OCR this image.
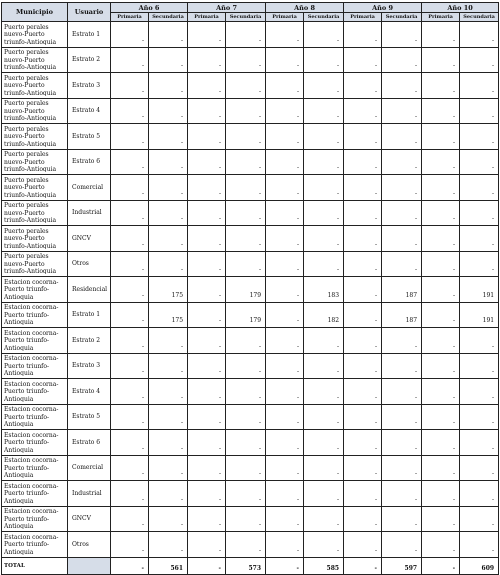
Municipio	Usuario	Año 6		Año 7		Año 8		Año 9		Año 10	
		Primaria	Secundaria	Primaria	Secundaria	Primaria	Secundaria	Primaria	Secundaria	Primaria	Secundaria

Puerto perales nuevo-Puerto triunfo-Antioquia	Estrato 1	-	-	-	-	-	-	-	-	-	-

Puerto perales nuevo-Puerto triunfo-Antioquia	Estrato 2	-	-	-	-	-	-	-	-	-	-

Puerto perales nuevo-Puerto triunfo-Antioquia	Estrato 3	-	-	-	-	-	-	-	-	-	-

Puerto perales nuevo-Puerto triunfo-Antioquia	Estrato 4	-	-	-	-	-	-	-	-	-	-

Puerto perales nuevo-Puerto triunfo-Antioquia	Estrato 5	-	-	-	-	-	-	-	-	-	-

Puerto perales nuevo-Puerto triunfo-Antioquia	Estrato 6	-	-	-	-	-	-	-	-	-	-

Puerto perales nuevo-Puerto triunfo-Antioquia	Comercial	-	-	-	-	-	-	-	-	-	-

Puerto perales nuevo-Puerto triunfo-Antioquia	Industrial	-	-	-	-	-	-	-	-	-	-

Puerto perales nuevo-Puerto triunfo-Antioquia	GNCV	-	-	-	-	-	-	-	-	-	-

Puerto perales nuevo-Puerto triunfo-Antioquia	Otros	-	-	-	-	-	-	-	-	-	-

Estacion cocorna-Puerto triunfo-Antioquia	Residencial	-	175	-	179	-	183	-	187	-	191

Estacion cocorna-Puerto triunfo-Antioquia	Estrato 1	-	175	-	179	-	182	-	187	-	191

Estacion cocorna-Puerto triunfo-Antioquia	Estrato 2	-	-	-	-	-	-	-	-	-	-

Estacion cocorna-Puerto triunfo-Antioquia	Estrato 3	-	-	-	-	-	-	-	-	-	-

Estacion cocorna-Puerto triunfo-Antioquia	Estrato 4	-	-	-	-	-	-	-	-	-	-

Estacion cocorna-Puerto triunfo-Antioquia	Estrato 5	-	-	-	-	-	-	-	-	-	-

Estacion cocorna-Puerto triunfo-Antioquia	Estrato 6	-	-	-	-	-	-	-	-	-	-

Estacion cocorna-Puerto triunfo-Antioquia	Comercial	-	-	-	-	-	-	-	-	-	-

Estacion cocorna-Puerto triunfo-Antioquia	Industrial	-	-	-	-	-	-	-	-	-	-

Estacion cocorna-Puerto triunfo-Antioquia	GNCV	-	-	-	-	-	-	-	-	-	-

Estacion cocorna-Puerto triunfo-Antioquia	Otros	-	-	-	-	-	-	-	-	-	-
TOTAL		-	561	-	573	-	585	-	597	-	609
